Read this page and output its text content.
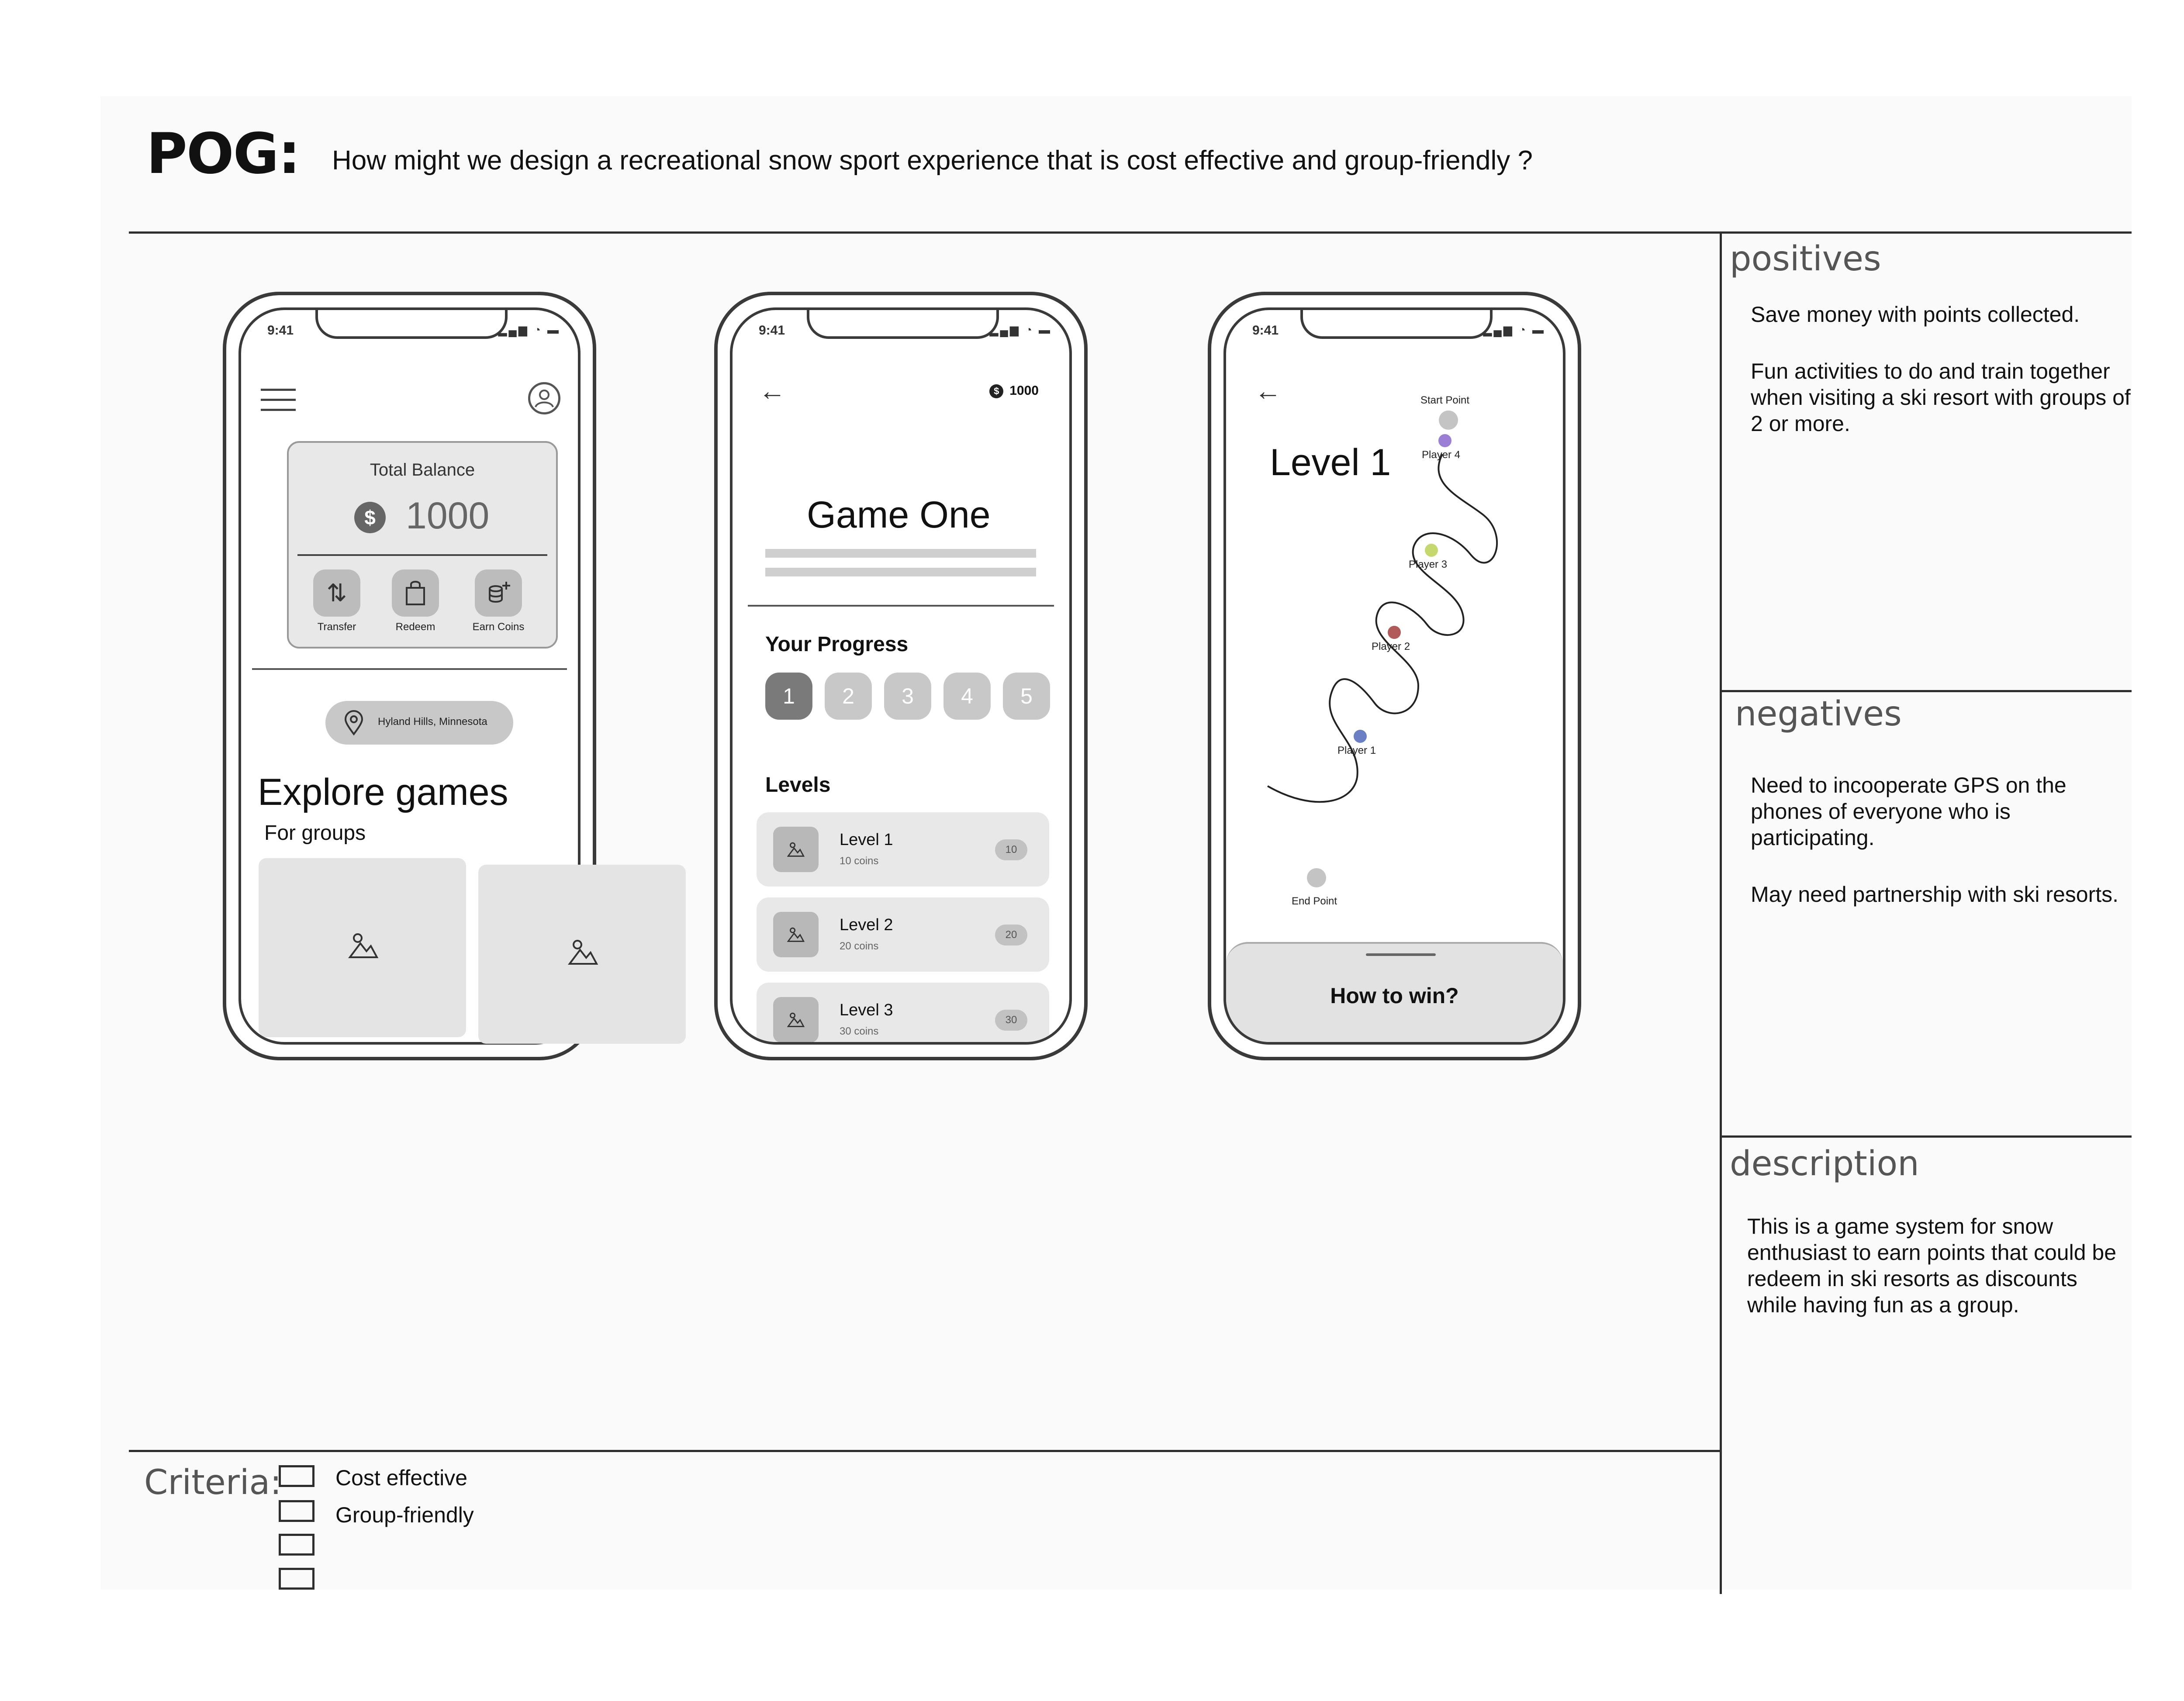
POG: How might we design a recreational snow sport experience that is cost effective and group-friendly ?
positives

Save money with points collected.

Fun activities to do and train together when visiting a ski resort with groups of 2 or more.

negatives

Need to incooperate GPS on the phones of everyone who is participating.

May need partnership with ski resorts.

description

This is a game system for snow enthusiast to earn points that could be redeem in ski resorts as discounts while having fun as a group.

Criteria: Cost effective
Group-friendly
9:41	▂▄▆ ◔ ▬
Total Balance
$ 1000
⇅
Transfer	Redeem	Earn Coins
Hyland Hills, Minnesota
Explore games
For groups
9:41	▂▄▆ ◔ ▬
←	$ 1000
Game One
Your Progress
1	2	3	4	5
Levels
Level 1
10 coins
10
Level 2
20 coins
20
Level 3
30 coins
30
9:41	▂▄▆ ◔ ▬
←
Level 1
Start Point
Player 4
Player 3
Player 2
Player 1
End Point
How to win?
